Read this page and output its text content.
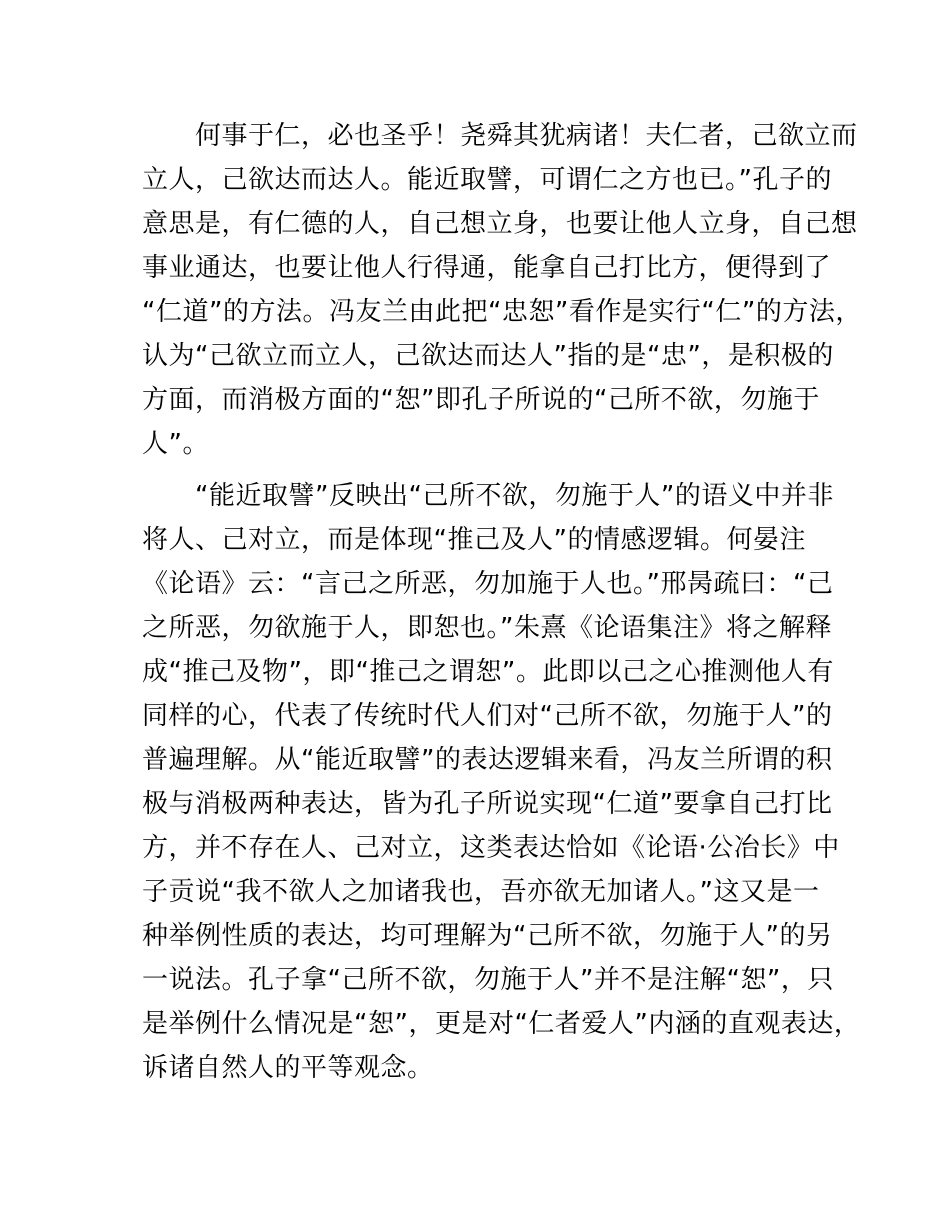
何事于仁，必也圣乎！尧舜其犹病诸！夫仁者，己欲立而
立人，己欲达而达人。能近取譬，可谓仁之方也已。”孔子的
意思是，有仁德的人，自己想立身，也要让他人立身，自己想
事业通达，也要让他人行得通，能拿自己打比方，便得到了
“仁道”的方法。冯友兰由此把“忠恕”看作是实行“仁”的方法，
认为“己欲立而立人，己欲达而达人”指的是“忠”，是积极的
方面，而消极方面的“恕”即孔子所说的“己所不欲，勿施于
人”。
“能近取譬”反映出“己所不欲，勿施于人”的语义中并非
将人、己对立，而是体现“推己及人”的情感逻辑。何晏注
《论语》云：“言己之所恶，勿加施于人也。”邢昺疏曰：“己
之所恶，勿欲施于人，即恕也。”朱熹《论语集注》将之解释
成“推己及物”，即“推己之谓恕”。此即以己之心推测他人有
同样的心，代表了传统时代人们对“己所不欲，勿施于人”的
普遍理解。从“能近取譬”的表达逻辑来看，冯友兰所谓的积
极与消极两种表达，皆为孔子所说实现“仁道”要拿自己打比
方，并不存在人、己对立，这类表达恰如《论语·公冶长》中
子贡说“我不欲人之加诸我也，吾亦欲无加诸人。”这又是一
种举例性质的表达，均可理解为“己所不欲，勿施于人”的另
一说法。孔子拿“己所不欲，勿施于人”并不是注解“恕”，只
是举例什么情况是“恕”，更是对“仁者爱人”内涵的直观表达，
诉诸自然人的平等观念。
